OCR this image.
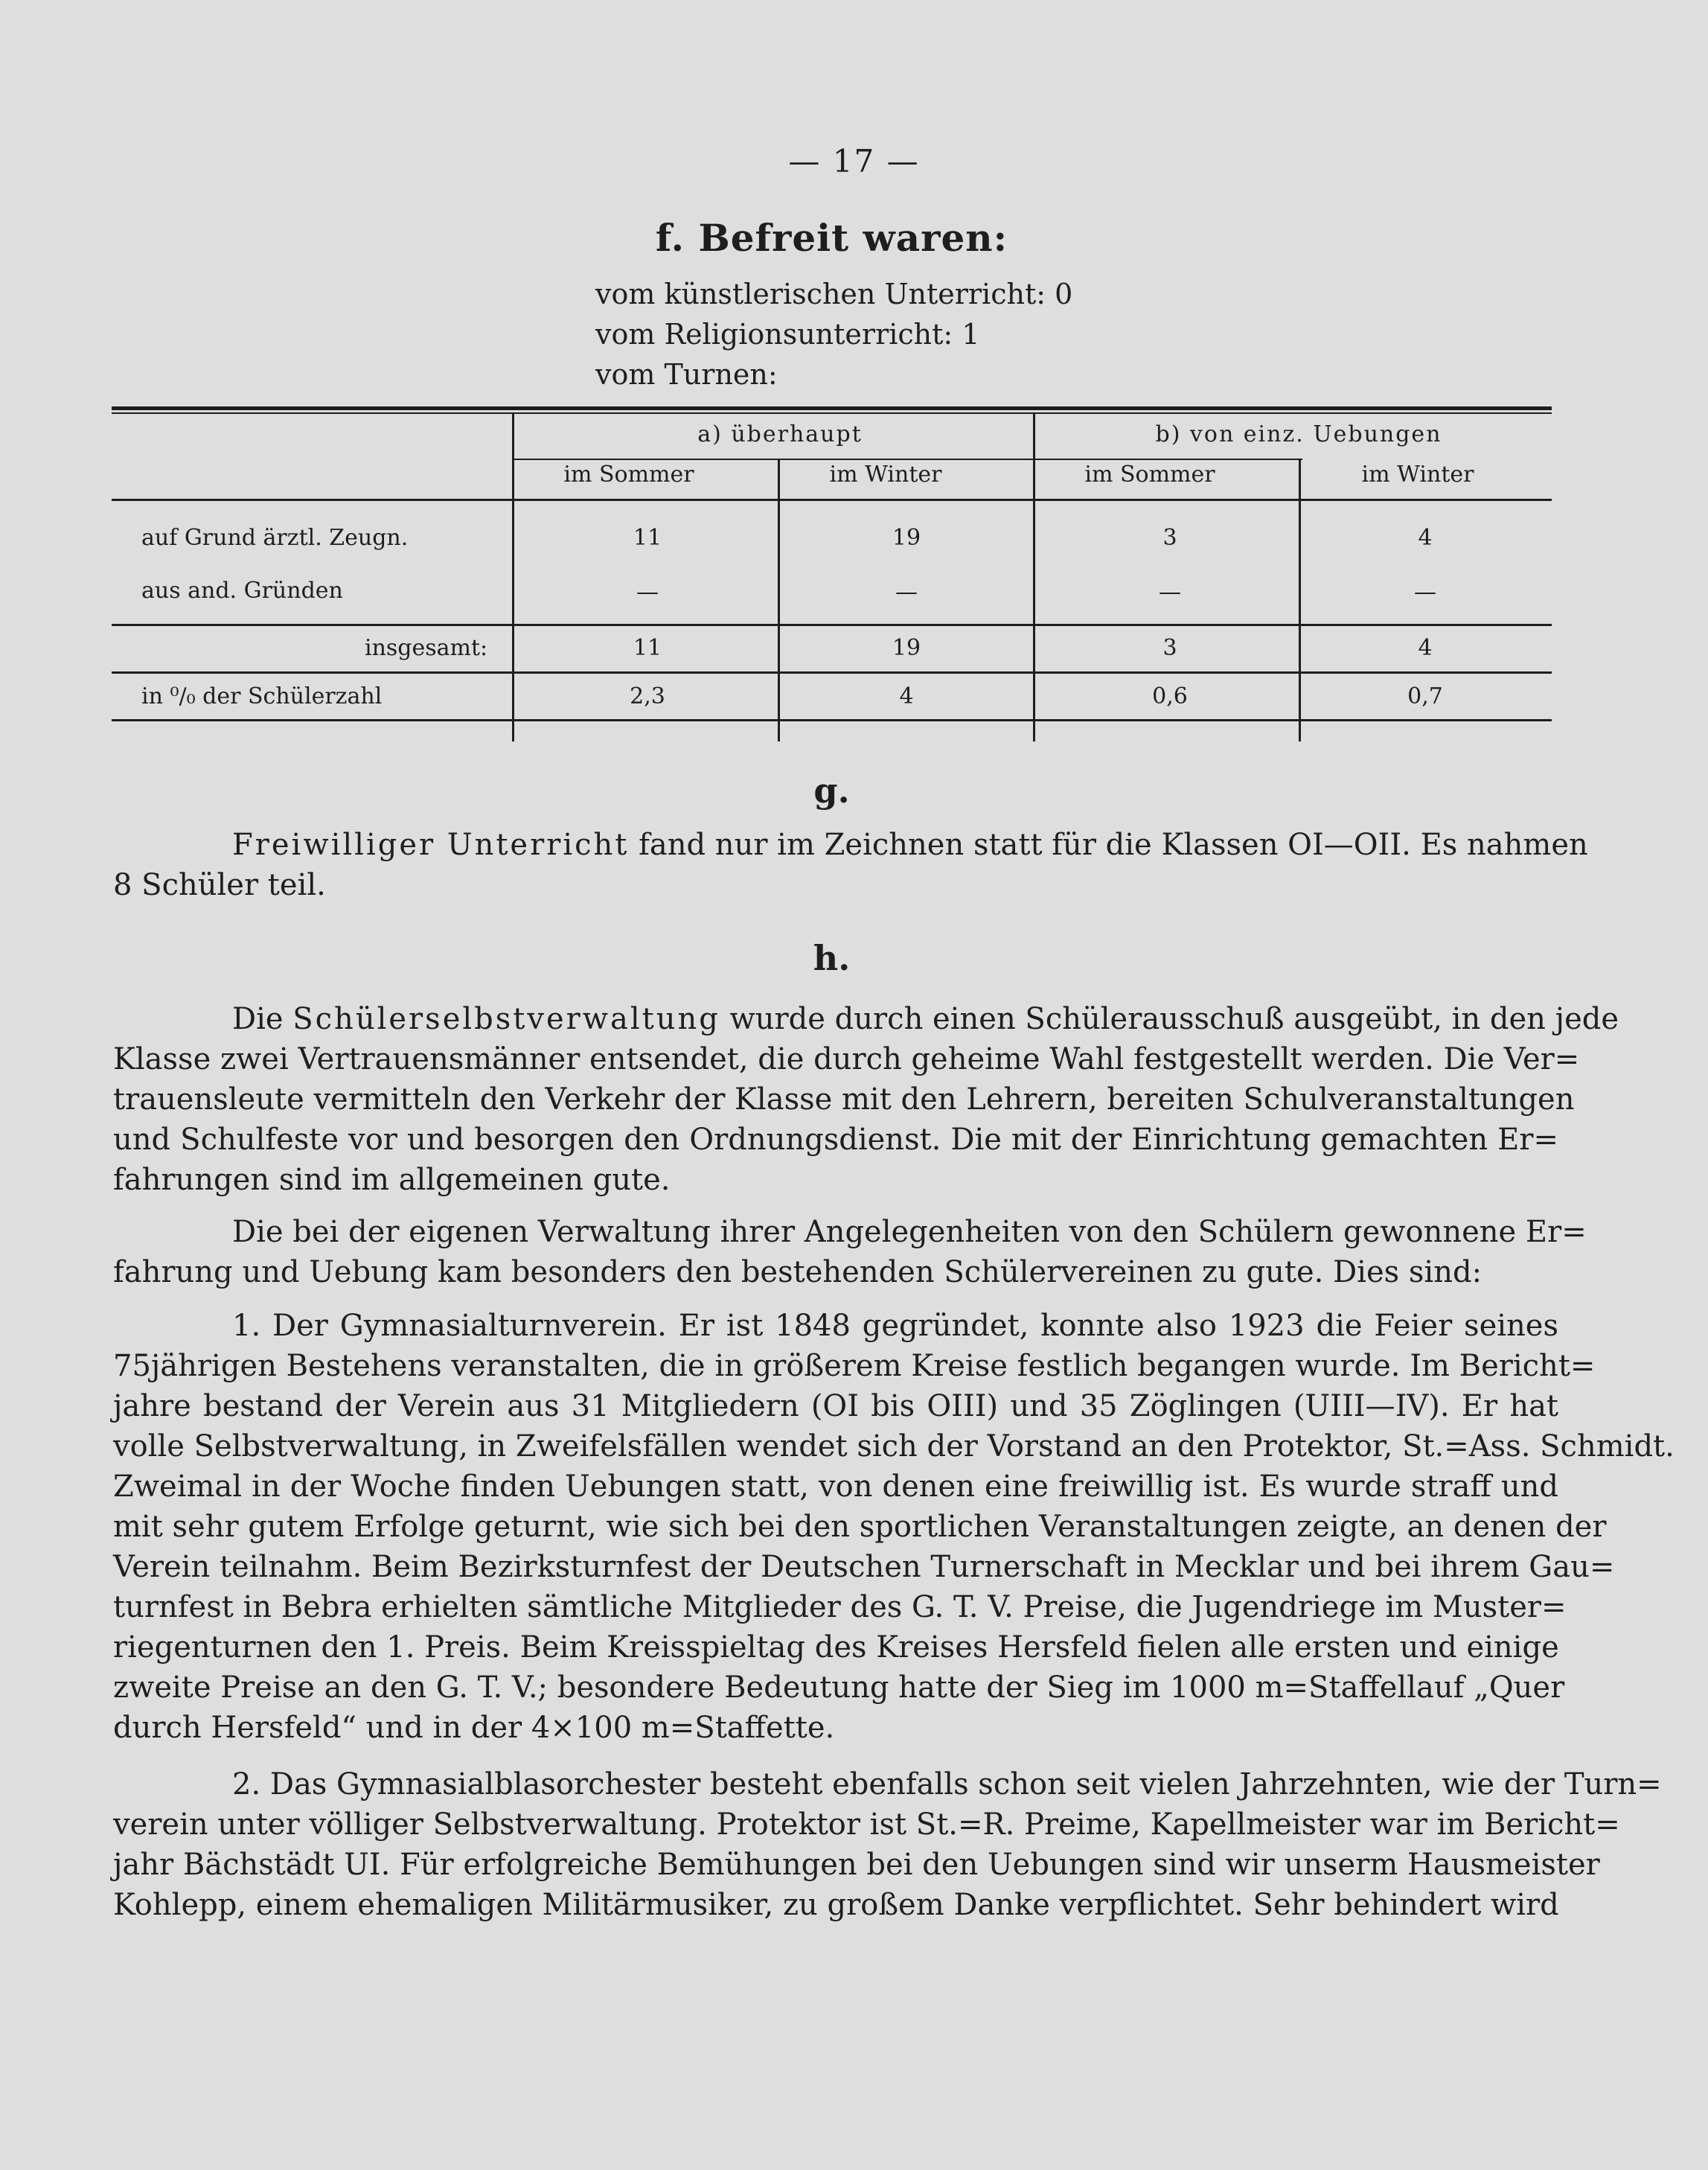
— 17 —
f. Befreit waren:
vom künstlerischen Unterricht: 0
vom Religionsunterricht: 1
vom Turnen:
a) überhaupt	b) von einz. Uebungen
im Sommer	im Winter	im Sommer	im Winter
auf Grund ärztl. Zeugn.	11	19	3	4
aus and. Gründen	—	—	—	—
insgesamt:	11	19	3	4
in ⁰/₀ der Schülerzahl	2,3	4	0,6	0,7
g.
Freiwilliger Unterricht fand nur im Zeichnen statt für die Klassen OI—OII. Es nahmen
8 Schüler teil.
h.
Die Schülerselbstverwaltung wurde durch einen Schülerausschuß ausgeübt, in den jede
Klasse zwei Vertrauensmänner entsendet, die durch geheime Wahl festgestellt werden. Die Ver=
trauensleute vermitteln den Verkehr der Klasse mit den Lehrern, bereiten Schulveranstaltungen
und Schulfeste vor und besorgen den Ordnungsdienst. Die mit der Einrichtung gemachten Er=
fahrungen sind im allgemeinen gute.
Die bei der eigenen Verwaltung ihrer Angelegenheiten von den Schülern gewonnene Er=
fahrung und Uebung kam besonders den bestehenden Schülervereinen zu gute. Dies sind:
1. Der Gymnasialturnverein. Er ist 1848 gegründet, konnte also 1923 die Feier seines
75jährigen Bestehens veranstalten, die in größerem Kreise festlich begangen wurde. Im Bericht=
jahre bestand der Verein aus 31 Mitgliedern (OI bis OIII) und 35 Zöglingen (UIII—IV). Er hat
volle Selbstverwaltung, in Zweifelsfällen wendet sich der Vorstand an den Protektor, St.=Ass. Schmidt.
Zweimal in der Woche finden Uebungen statt, von denen eine freiwillig ist. Es wurde straff und
mit sehr gutem Erfolge geturnt, wie sich bei den sportlichen Veranstaltungen zeigte, an denen der
Verein teilnahm. Beim Bezirksturnfest der Deutschen Turnerschaft in Mecklar und bei ihrem Gau=
turnfest in Bebra erhielten sämtliche Mitglieder des G. T. V. Preise, die Jugendriege im Muster=
riegenturnen den 1. Preis. Beim Kreisspieltag des Kreises Hersfeld fielen alle ersten und einige
zweite Preise an den G. T. V.; besondere Bedeutung hatte der Sieg im 1000 m=Staffellauf „Quer
durch Hersfeld“ und in der 4×100 m=Staffette.
2. Das Gymnasialblasorchester besteht ebenfalls schon seit vielen Jahrzehnten, wie der Turn=
verein unter völliger Selbstverwaltung. Protektor ist St.=R. Preime, Kapellmeister war im Bericht=
jahr Bächstädt UI. Für erfolgreiche Bemühungen bei den Uebungen sind wir unserm Hausmeister
Kohlepp, einem ehemaligen Militärmusiker, zu großem Danke verpflichtet. Sehr behindert wird
